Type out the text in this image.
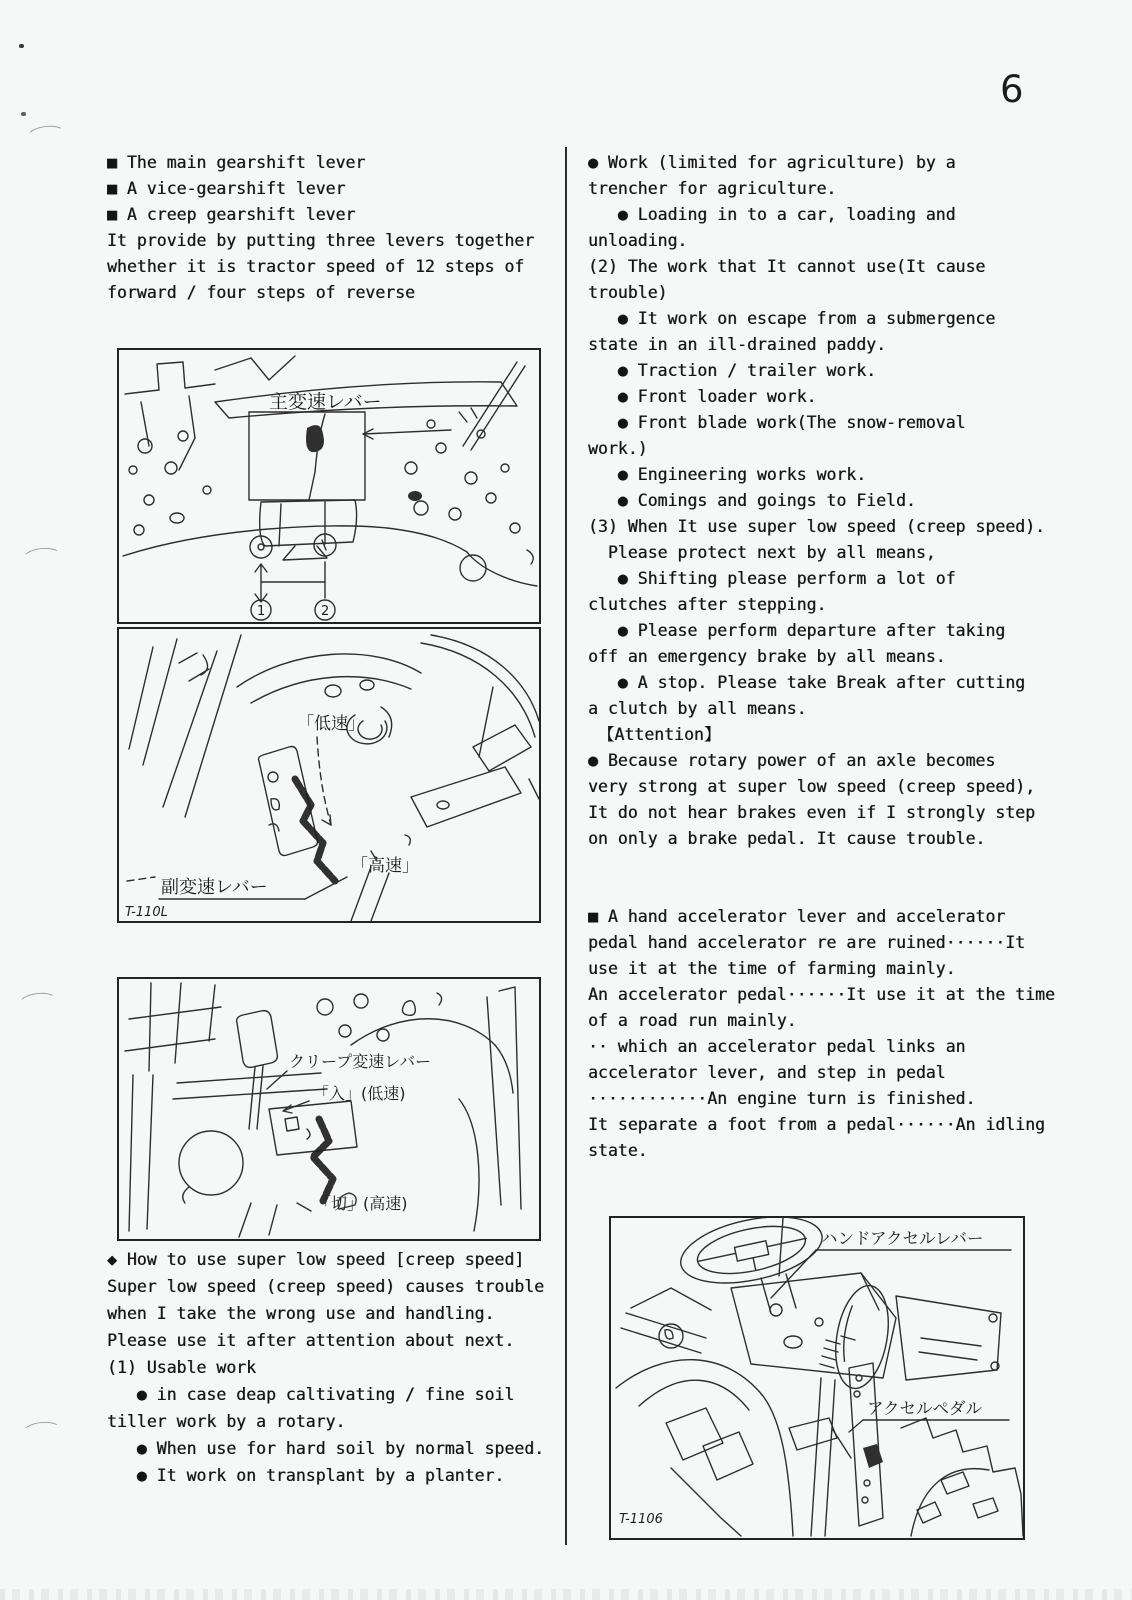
6
■ The main gearshift lever
■ A vice-gearshift lever
■ A creep gearshift lever
It provide by putting three levers together
whether it is tractor speed of 12 steps of
forward / four steps of reverse
主変速レバー
1	2
「低速」
「高速」
副変速レバー
T-110L
クリープ変速レバー
「入」(低速)
「切」(高速)
◆ How to use super low speed [creep speed]
Super low speed (creep speed) causes trouble
when I take the wrong use and handling.
Please use it after attention about next.
(1) Usable work
● in case deap caltivating / fine soil
tiller work by a rotary.
● When use for hard soil by normal speed.
● It work on transplant by a planter.
● Work (limited for agriculture) by a
trencher for agriculture.
● Loading in to a car, loading and
unloading.
(2) The work that It cannot use(It cause
trouble)
● It work on escape from a submergence
state in an ill-drained paddy.
● Traction / trailer work.
● Front loader work.
● Front blade work(The snow-removal
work.)
● Engineering works work.
● Comings and goings to Field.
(3) When It use super low speed (creep speed).
Please protect next by all means,
● Shifting please perform a lot of
clutches after stepping.
● Please perform departure after taking
off an emergency brake by all means.
● A stop. Please take Break after cutting
a clutch by all means.
【Attention】
● Because rotary power of an axle becomes
very strong at super low speed (creep speed),
It do not hear brakes even if I strongly step
on only a brake pedal. It cause trouble.
■ A hand accelerator lever and accelerator
pedal hand accelerator re are ruined······It
use it at the time of farming mainly.
An accelerator pedal······It use it at the time
of a road run mainly.
·· which an accelerator pedal links an
accelerator lever, and step in pedal
············An engine turn is finished.
It separate a foot from a pedal······An idling
state.
ハンドアクセルレバー
アクセルペダル
T-1106
